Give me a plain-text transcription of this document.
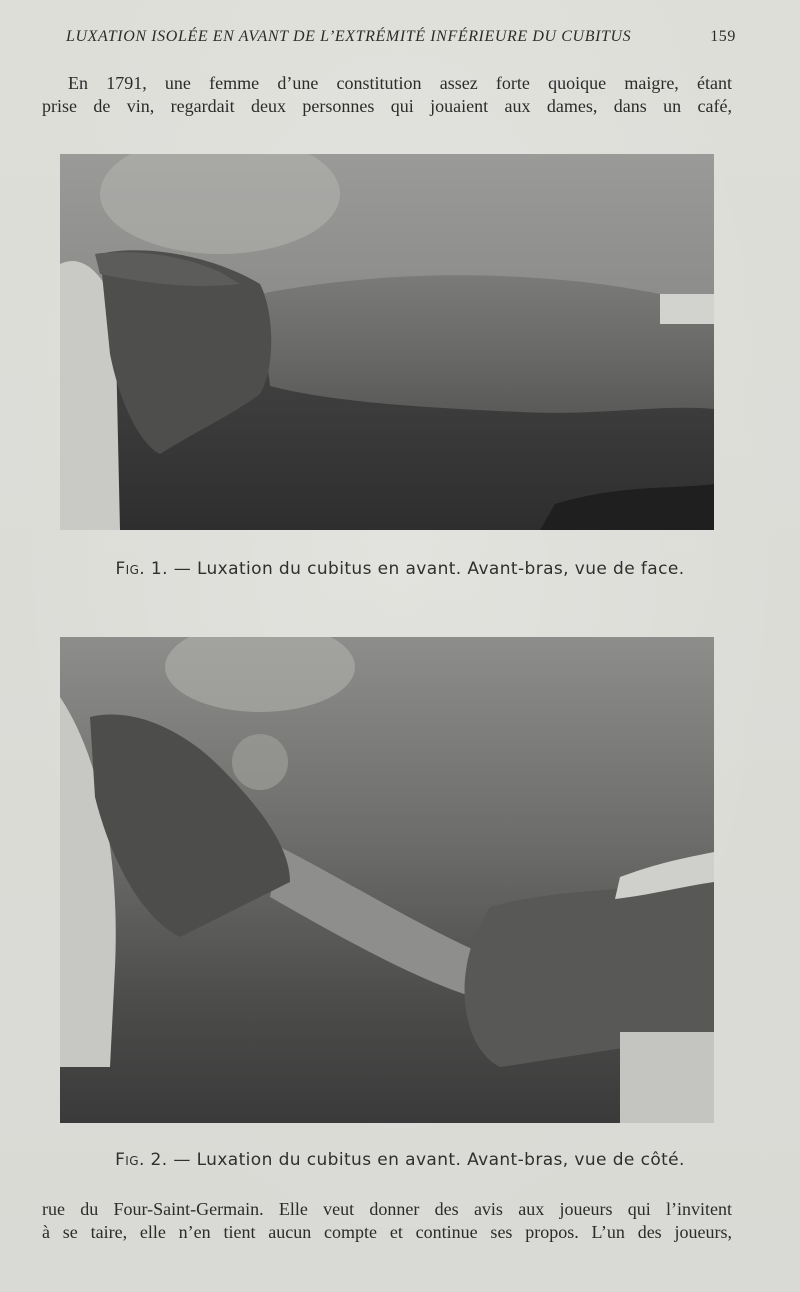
LUXATION ISOLÉE EN AVANT DE L’EXTRÉMITÉ INFÉRIEURE DU CUBITUS	159
En 1791, une femme d’une constitution assez forte quoique maigre, étant
prise de vin, regardait deux personnes qui jouaient aux dames, dans un café,
Fig. 1. — Luxation du cubitus en avant. Avant-bras, vue de face.
Fig. 2. — Luxation du cubitus en avant. Avant-bras, vue de côté.
rue du Four-Saint-Germain. Elle veut donner des avis aux joueurs qui l’invitent
à se taire, elle n’en tient aucun compte et continue ses propos. L’un des joueurs,
